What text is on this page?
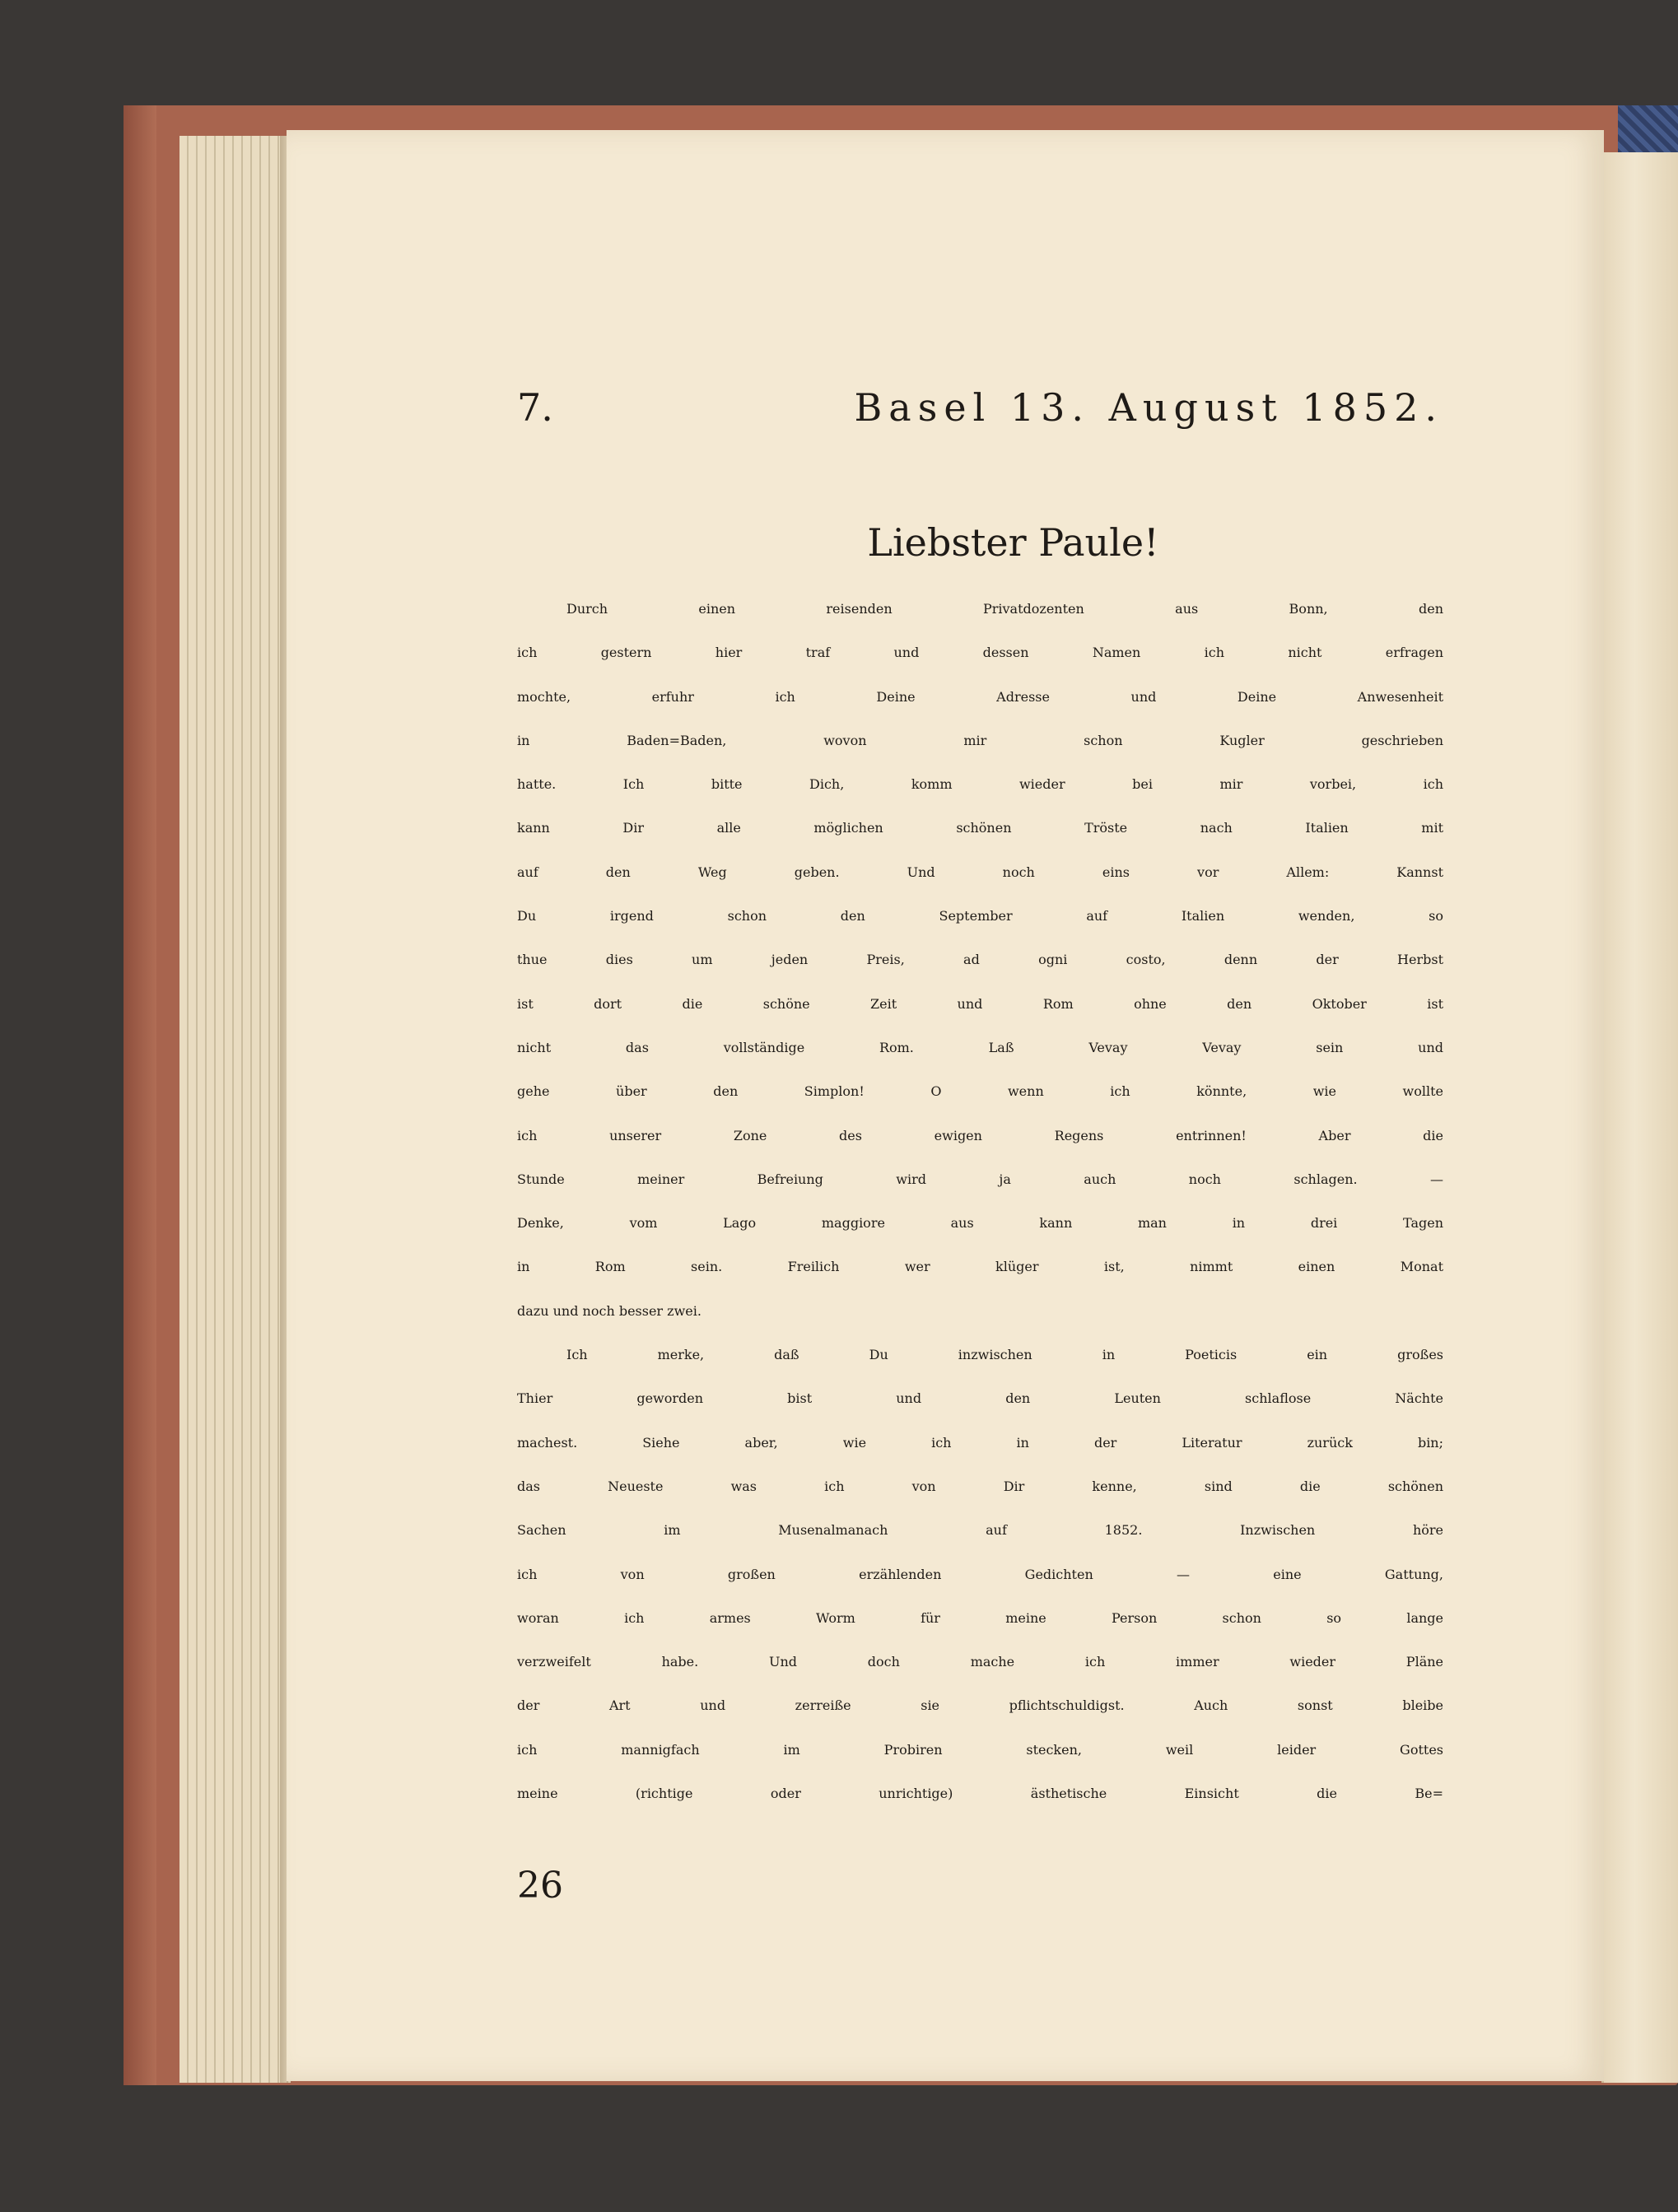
7.	Basel 13. August 1852.
Liebster Paule!
Durch einen reisenden Privatdozenten aus Bonn, den
ich gestern hier traf und dessen Namen ich nicht erfragen
mochte, erfuhr ich Deine Adresse und Deine Anwesenheit
in Baden=Baden, wovon mir schon Kugler geschrieben
hatte. Ich bitte Dich, komm wieder bei mir vorbei, ich
kann Dir alle möglichen schönen Tröste nach Italien mit
auf den Weg geben. Und noch eins vor Allem: Kannst
Du irgend schon den September auf Italien wenden, so
thue dies um jeden Preis, ad ogni costo, denn der Herbst
ist dort die schöne Zeit und Rom ohne den Oktober ist
nicht das vollständige Rom. Laß Vevay Vevay sein und
gehe über den Simplon! O wenn ich könnte, wie wollte
ich unserer Zone des ewigen Regens entrinnen! Aber die
Stunde meiner Befreiung wird ja auch noch schlagen. —
Denke, vom Lago maggiore aus kann man in drei Tagen
in Rom sein. Freilich wer klüger ist, nimmt einen Monat
dazu und noch besser zwei.
Ich merke, daß Du inzwischen in Poeticis ein großes
Thier geworden bist und den Leuten schlaflose Nächte
machest. Siehe aber, wie ich in der Literatur zurück bin;
das Neueste was ich von Dir kenne, sind die schönen
Sachen im Musenalmanach auf 1852. Inzwischen höre
ich von großen erzählenden Gedichten — eine Gattung,
woran ich armes Worm für meine Person schon so lange
verzweifelt habe. Und doch mache ich immer wieder Pläne
der Art und zerreiße sie pflichtschuldigst. Auch sonst bleibe
ich mannigfach im Probiren stecken, weil leider Gottes
meine (richtige oder unrichtige) ästhetische Einsicht die Be=
26
